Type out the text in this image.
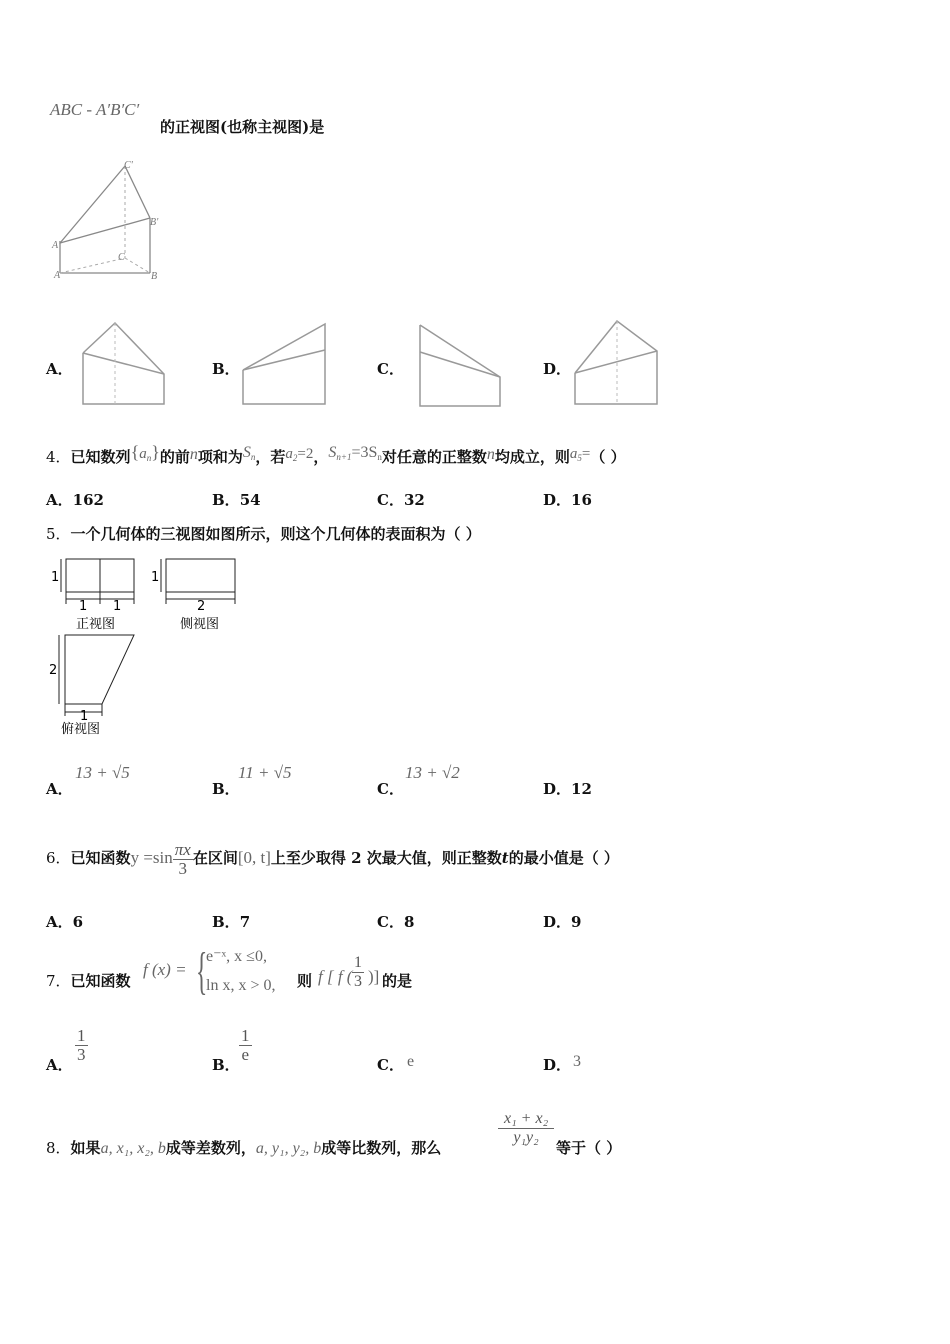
ABC - A′B′C′
的正视图(也称主视图)是
C'
B'
A'
C
A	B
A．	B．	C．	D．
4．已知数列$\{a_n\}$的前n项和为$S_n$，若$a_2=2$，$S_{n+1}=3S_n$对任意的正整数n均成立，则$a_5=$（ ）
A．162	B．54	C．32	D．16
5．一个几何体的三视图如图所示，则这个几何体的表面积为（ ）
1
1 1
正视图
1
2
侧视图
2
1
俯视图
A．
13 + √5
B．
11 + √5
C．
13 + √2
D．12
6．已知函数$y =\sin \frac{\pi x}{3}$ 在区间[0, t]上至少取得 2 次最大值，则正整数t的最小值是（ ）
A．6	B．7	C．8	D．9
7．已知函数
f (x) = {
e⁻ˣ, x ≤0,
ln x, x > 0, 则 f [ f ( $\frac{1}{3}$ )] 的是
A．
$\frac{1}{3}$
B．
$\frac{1}{e}$
C． e	D． 3
8．如果a, x₁, x₂, b成等差数列，a, y₁, y₂, b成等比数列，那么
$\frac{\text{x₁ + x₂}}{\text{y₁y₂}}$
等于（ ）
